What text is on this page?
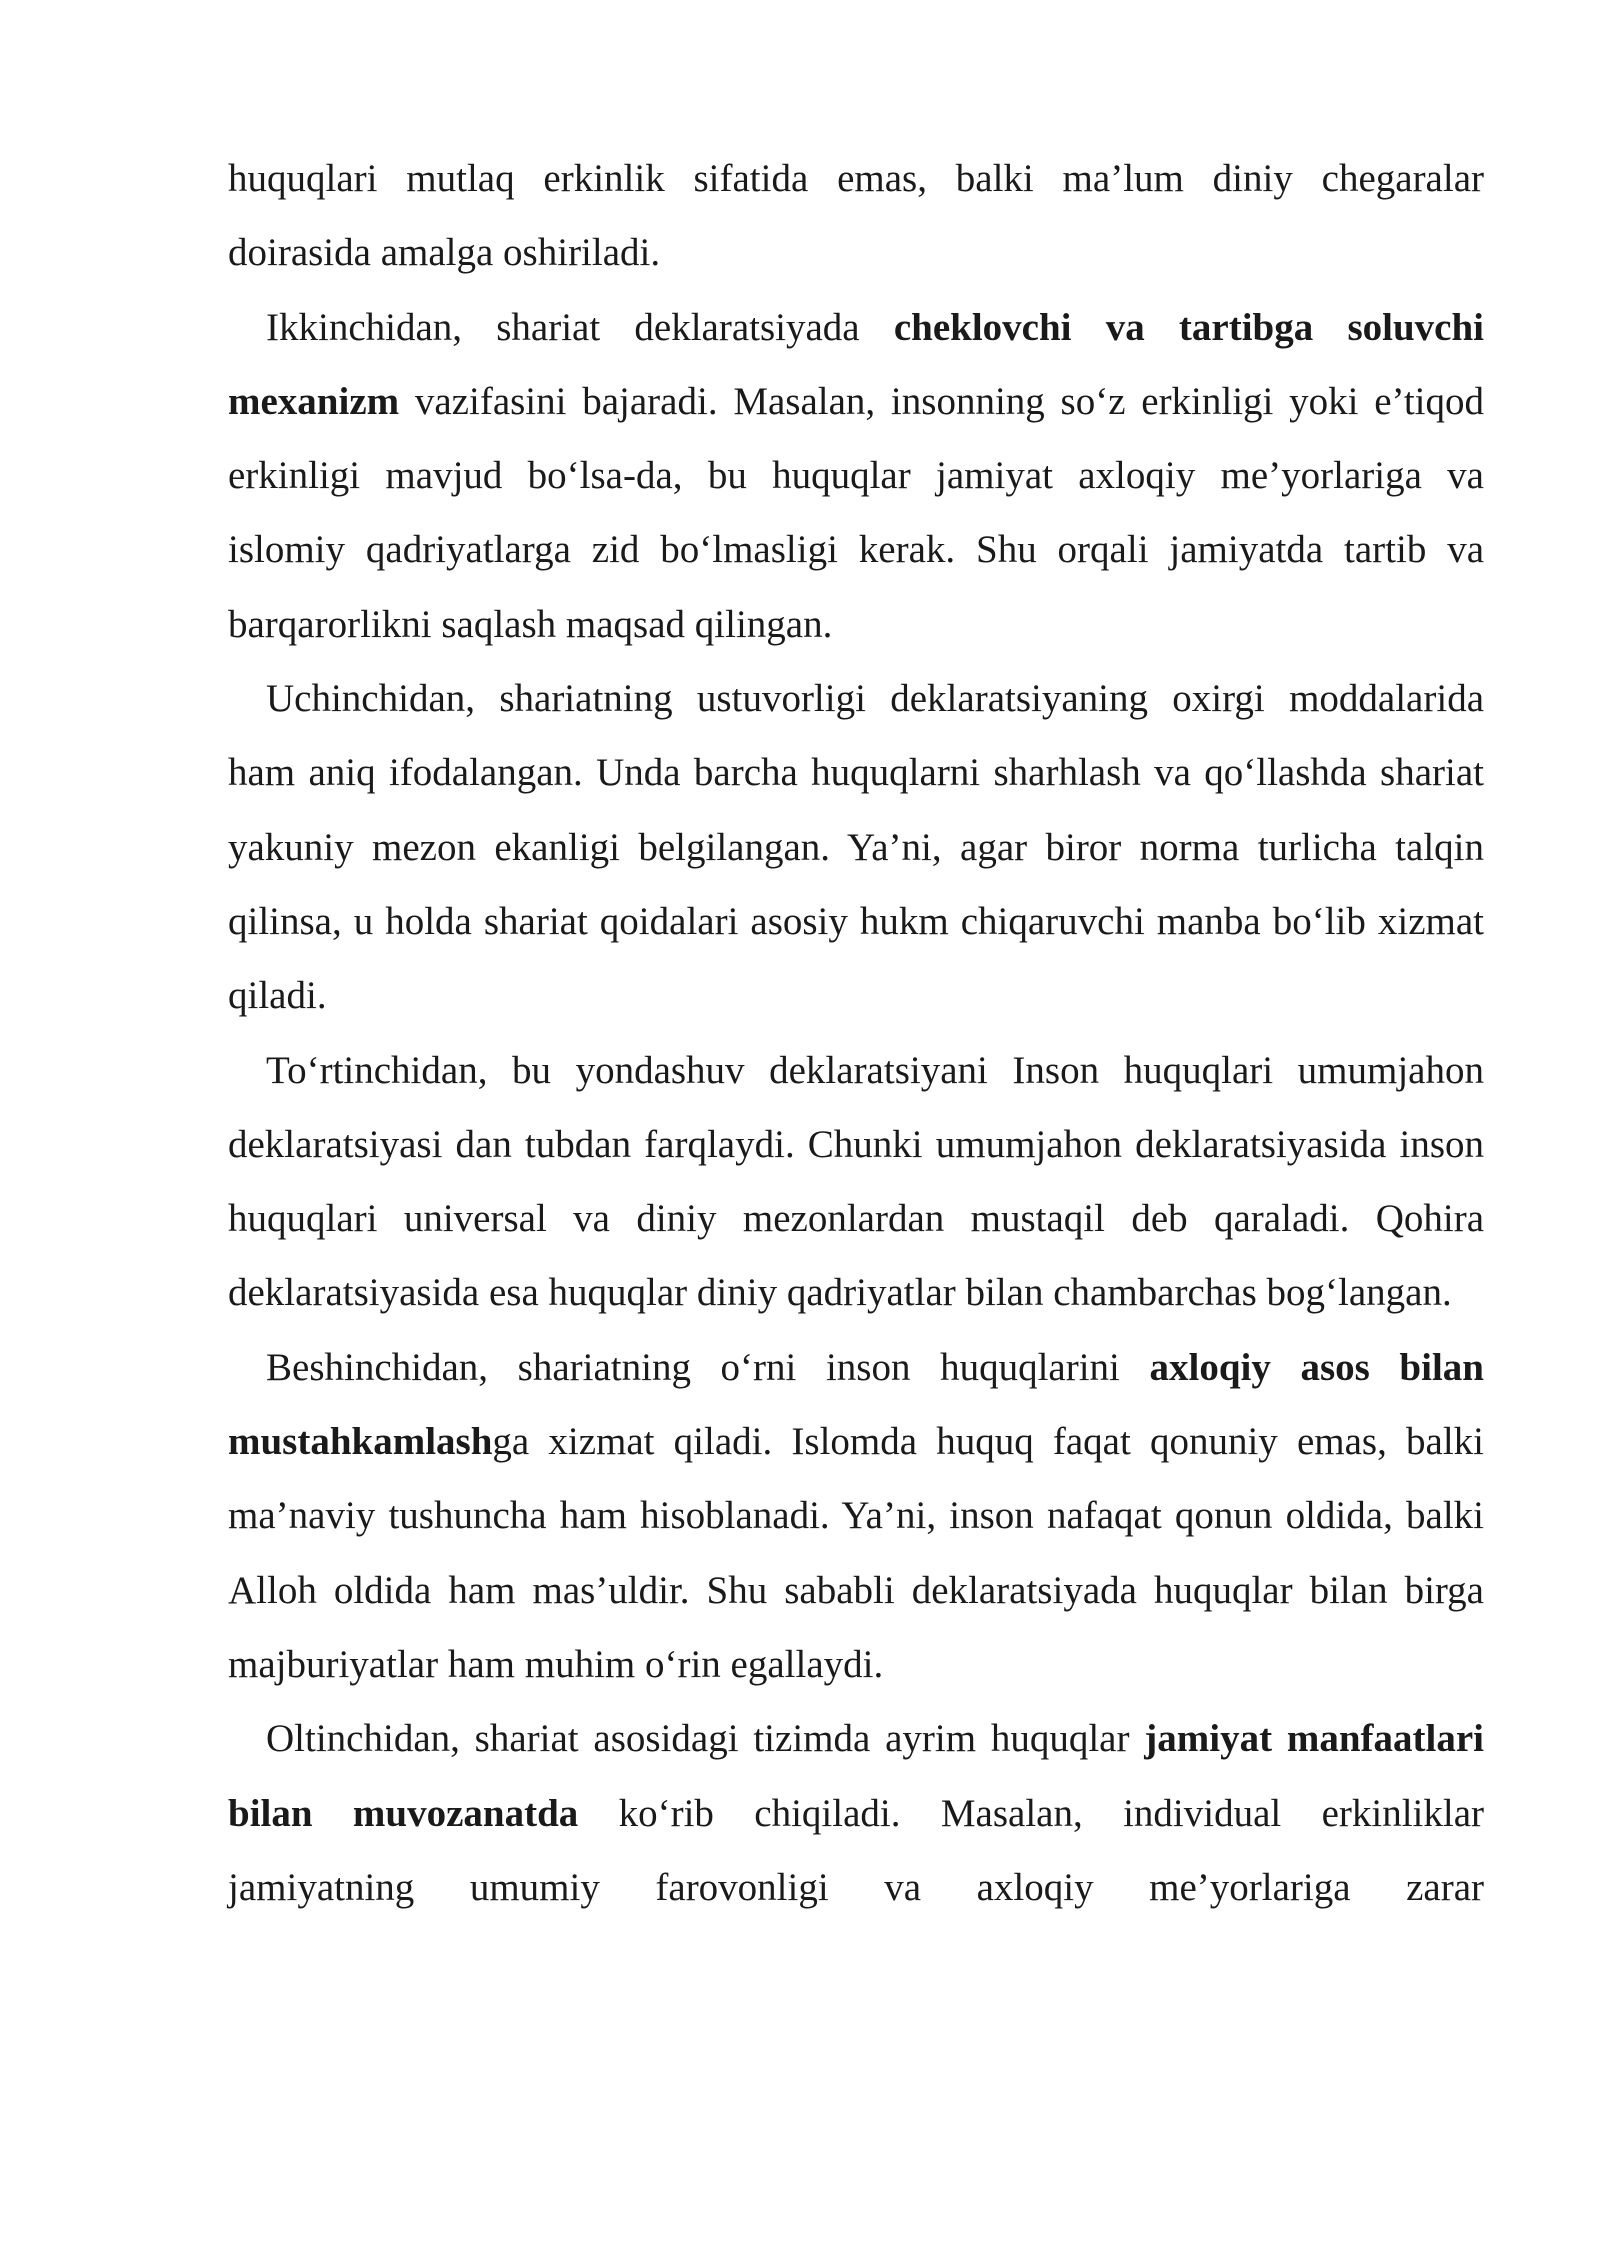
huquqlari mutlaq erkinlik sifatida emas, balki ma’lum diniy chegaralar doirasida amalga oshiriladi.

Ikkinchidan, shariat deklaratsiyada cheklovchi va tartibga soluvchi mexanizm vazifasini bajaradi. Masalan, insonning so‘z erkinligi yoki e’tiqod erkinligi mavjud bo‘lsa-da, bu huquqlar jamiyat axloqiy me’yorlariga va islomiy qadriyatlarga zid bo‘lmasligi kerak. Shu orqali jamiyatda tartib va barqarorlikni saqlash maqsad qilingan.

Uchinchidan, shariatning ustuvorligi deklaratsiyaning oxirgi moddalarida ham aniq ifodalangan. Unda barcha huquqlarni sharhlash va qo‘llashda shariat yakuniy mezon ekanligi belgilangan. Ya’ni, agar biror norma turlicha talqin qilinsa, u holda shariat qoidalari asosiy hukm chiqaruvchi manba bo‘lib xizmat qiladi.

To‘rtinchidan, bu yondashuv deklaratsiyani Inson huquqlari umumjahon deklaratsiyasi dan tubdan farqlaydi. Chunki umumjahon deklaratsiyasida inson huquqlari universal va diniy mezonlardan mustaqil deb qaraladi. Qohira deklaratsiyasida esa huquqlar diniy qadriyatlar bilan chambarchas bog‘langan.

Beshinchidan, shariatning o‘rni inson huquqlarini axloqiy asos bilan mustahkamlashga xizmat qiladi. Islomda huquq faqat qonuniy emas, balki ma’naviy tushuncha ham hisoblanadi. Ya’ni, inson nafaqat qonun oldida, balki Alloh oldida ham mas’uldir. Shu sababli deklaratsiyada huquqlar bilan birga majburiyatlar ham muhim o‘rin egallaydi.

Oltinchidan, shariat asosidagi tizimda ayrim huquqlar jamiyat manfaatlari bilan muvozanatda ko‘rib chiqiladi. Masalan, individual erkinliklar jamiyatning umumiy farovonligi va axloqiy me’yorlariga zarar
